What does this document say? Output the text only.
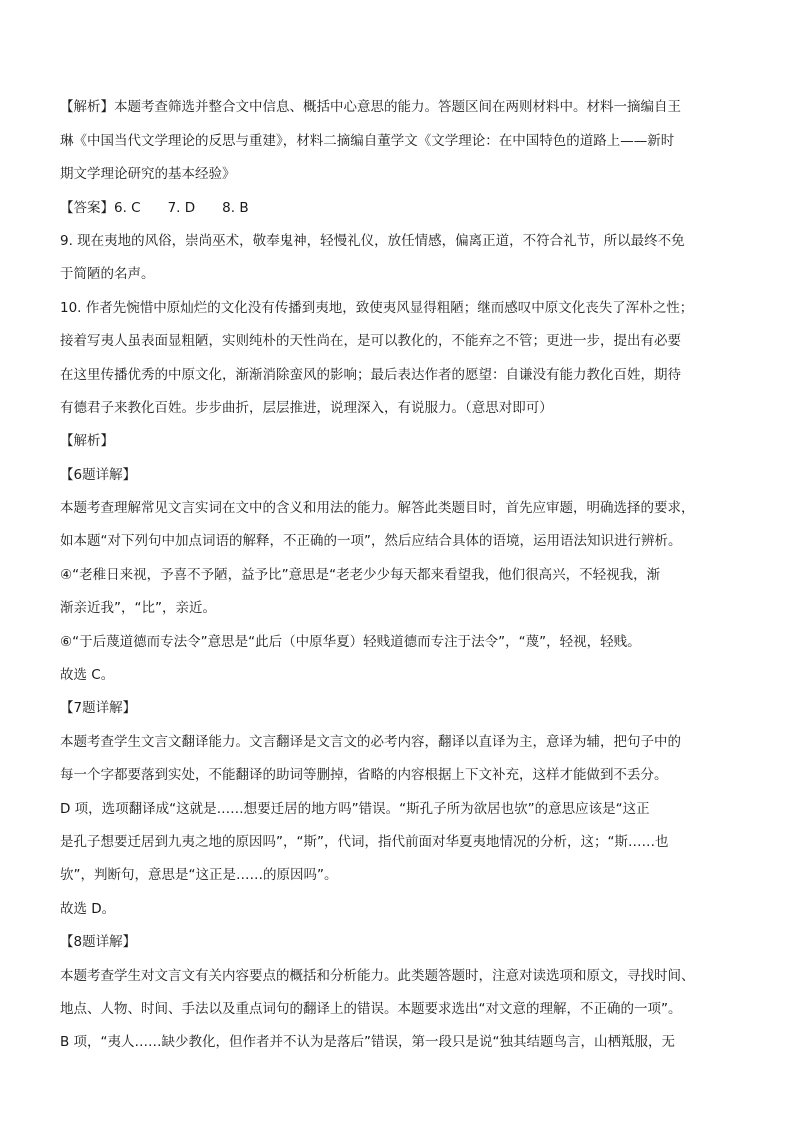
【解析】本题考查筛选并整合文中信息、概括中心意思的能力。答题区间在两则材料中。材料一摘编自王
琳《中国当代文学理论的反思与重建》，材料二摘编自董学文《文学理论：在中国特色的道路上——新时
期文学理论研究的基本经验》
【答案】6. C　　7. D　　8. B
9. 现在夷地的风俗，崇尚巫术，敬奉鬼神，轻慢礼仪，放任情感，偏离正道，不符合礼节，所以最终不免
于简陋的名声。
10. 作者先惋惜中原灿烂的文化没有传播到夷地，致使夷风显得粗陋；继而感叹中原文化丧失了浑朴之性；
接着写夷人虽表面显粗陋，实则纯朴的天性尚在，是可以教化的，不能弃之不管；更进一步，提出有必要
在这里传播优秀的中原文化，渐渐消除蛮风的影响；最后表达作者的愿望：自谦没有能力教化百姓，期待
有德君子来教化百姓。步步曲折，层层推进，说理深入，有说服力。（意思对即可）
【解析】
【6题详解】
本题考查理解常见文言实词在文中的含义和用法的能力。解答此类题目时，首先应审题，明确选择的要求，
如本题“对下列句中加点词语的解释，不正确的一项”，然后应结合具体的语境，运用语法知识进行辨析。
④“老稚日来视，予喜不予陋，益予比”意思是“老老少少每天都来看望我，他们很高兴，不轻视我，渐
渐亲近我”，“比”，亲近。
⑥“于后蔑道德而专法令”意思是“此后（中原华夏）轻贱道德而专注于法令”，“蔑”，轻视，轻贱。
故选 C。
【7题详解】
本题考查学生文言文翻译能力。文言翻译是文言文的必考内容，翻译以直译为主，意译为辅，把句子中的
每一个字都要落到实处，不能翻译的助词等删掉，省略的内容根据上下文补充，这样才能做到不丢分。
D 项，选项翻译成“这就是……想要迁居的地方吗”错误。“斯孔子所为欲居也欤”的意思应该是“这正
是孔子想要迁居到九夷之地的原因吗”，“斯”，代词，指代前面对华夏夷地情况的分析，这；“斯……也
欤”，判断句，意思是“这正是……的原因吗”。
故选 D。
【8题详解】
本题考查学生对文言文有关内容要点的概括和分析能力。此类题答题时，注意对读选项和原文，寻找时间、
地点、人物、时间、手法以及重点词句的翻译上的错误。本题要求选出“对文意的理解，不正确的一项”。
B 项，“夷人……缺少教化，但作者并不认为是落后”错误，第一段只是说“独其结题鸟言，山栖羝服，无
